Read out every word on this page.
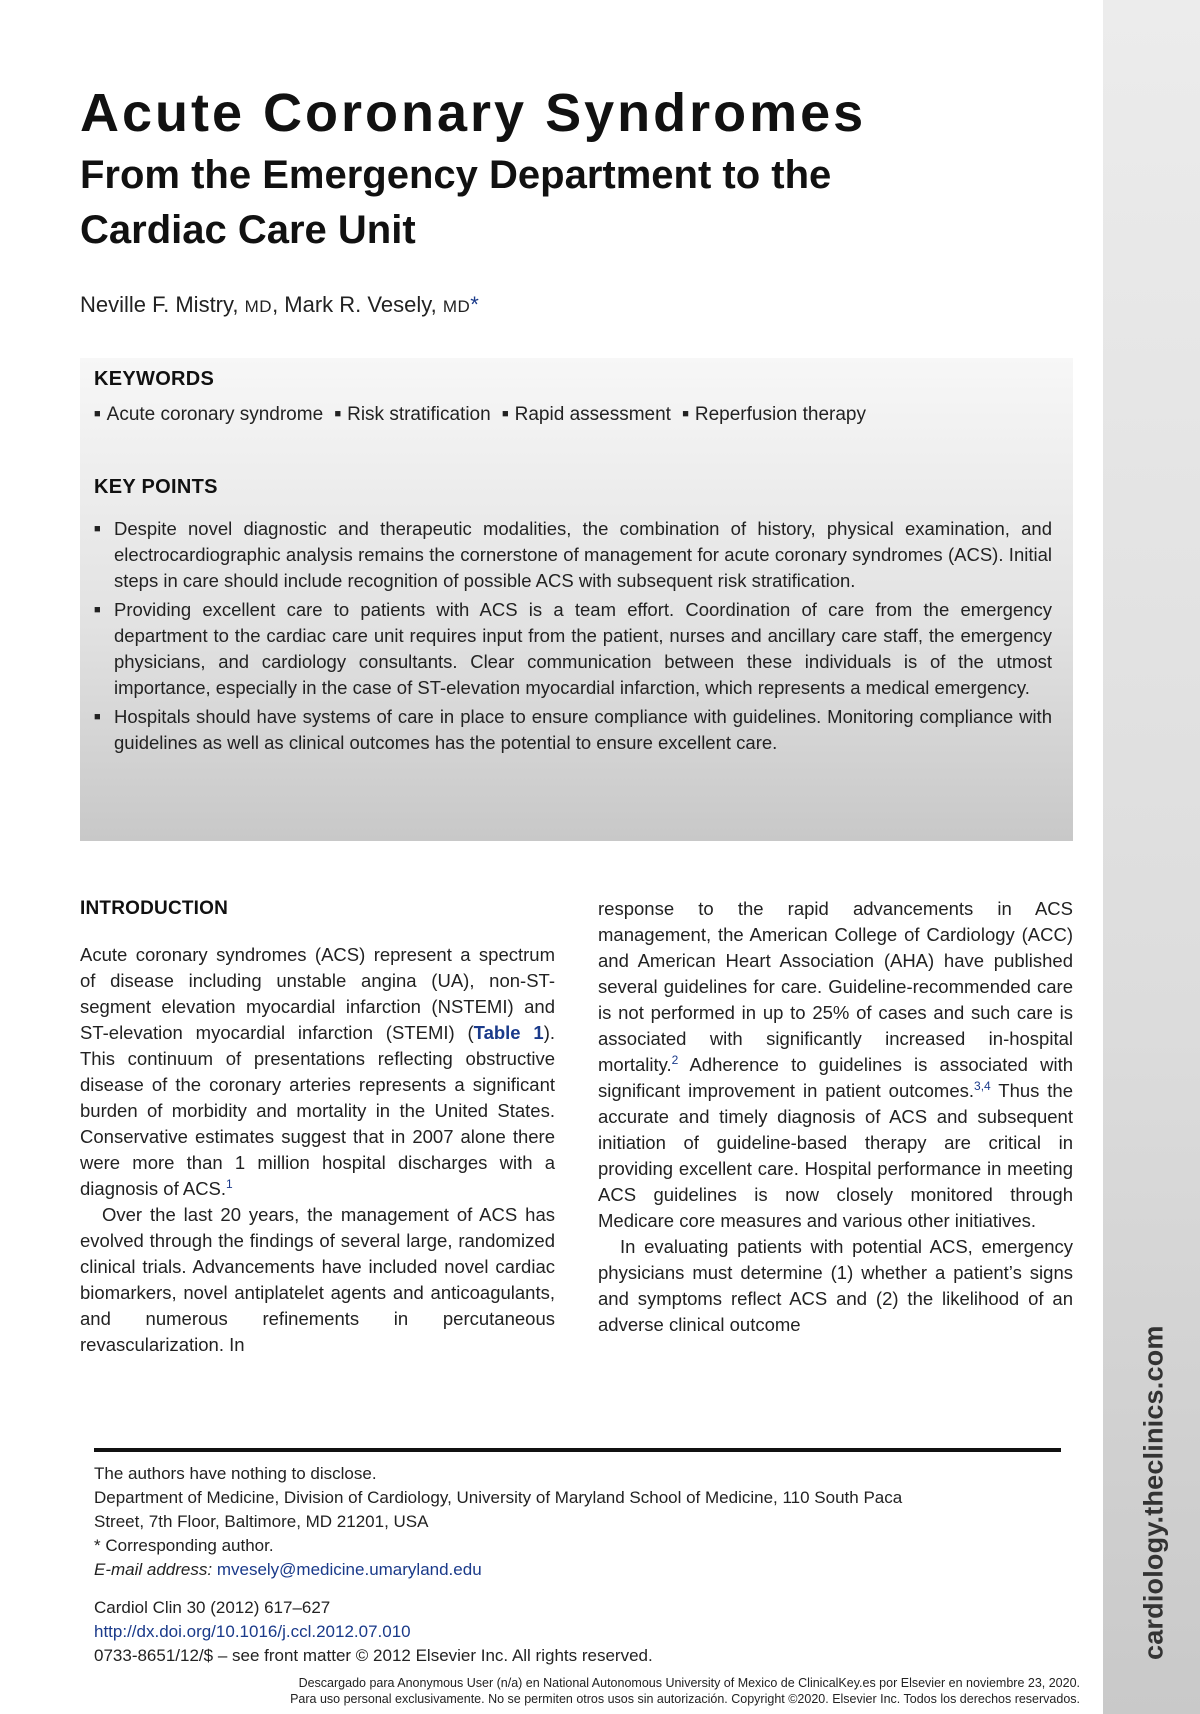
cardiology.theclinics.com
Acute Coronary Syndromes
From the Emergency Department to the Cardiac Care Unit
Neville F. Mistry, MD, Mark R. Vesely, MD*
KEYWORDS
■ Acute coronary syndrome ■ Risk stratification ■ Rapid assessment ■ Reperfusion therapy
KEY POINTS
■ Despite novel diagnostic and therapeutic modalities, the combination of history, physical examination, and electrocardiographic analysis remains the cornerstone of management for acute coronary syndromes (ACS). Initial steps in care should include recognition of possible ACS with subsequent risk stratification.
■ Providing excellent care to patients with ACS is a team effort. Coordination of care from the emergency department to the cardiac care unit requires input from the patient, nurses and ancillary care staff, the emergency physicians, and cardiology consultants. Clear communication between these individuals is of the utmost importance, especially in the case of ST-elevation myocardial infarction, which represents a medical emergency.
■ Hospitals should have systems of care in place to ensure compliance with guidelines. Monitoring compliance with guidelines as well as clinical outcomes has the potential to ensure excellent care.
INTRODUCTION

Acute coronary syndromes (ACS) represent a spectrum of disease including unstable angina (UA), non-ST-segment elevation myocardial infarction (NSTEMI) and ST-elevation myocardial infarction (STEMI) (Table 1). This continuum of presentations reflecting obstructive disease of the coronary arteries represents a significant burden of morbidity and mortality in the United States. Conservative estimates suggest that in 2007 alone there were more than 1 million hospital discharges with a diagnosis of ACS.$^1$

Over the last 20 years, the management of ACS has evolved through the findings of several large, randomized clinical trials. Advancements have included novel cardiac biomarkers, novel antiplatelet agents and anticoagulants, and numerous refinements in percutaneous revascularization. In

response to the rapid advancements in ACS management, the American College of Cardiology (ACC) and American Heart Association (AHA) have published several guidelines for care. Guideline-recommended care is not performed in up to 25% of cases and such care is associated with significantly increased in-hospital mortality.$^2$ Adherence to guidelines is associated with significant improvement in patient outcomes.$^{3,4}$ Thus the accurate and timely diagnosis of ACS and subsequent initiation of guideline-based therapy are critical in providing excellent care. Hospital performance in meeting ACS guidelines is now closely monitored through Medicare core measures and various other initiatives.

In evaluating patients with potential ACS, emergency physicians must determine (1) whether a patient’s signs and symptoms reflect ACS and (2) the likelihood of an adverse clinical outcome

The authors have nothing to disclose.
Department of Medicine, Division of Cardiology, University of Maryland School of Medicine, 110 South Paca
Street, 7th Floor, Baltimore, MD 21201, USA
* Corresponding author.
E-mail address: mvesely@medicine.umaryland.edu
Cardiol Clin 30 (2012) 617–627
http://dx.doi.org/10.1016/j.ccl.2012.07.010
0733-8651/12/$ – see front matter © 2012 Elsevier Inc. All rights reserved.
Descargado para Anonymous User (n/a) en National Autonomous University of Mexico de ClinicalKey.es por Elsevier en noviembre 23, 2020.
Para uso personal exclusivamente. No se permiten otros usos sin autorización. Copyright ©2020. Elsevier Inc. Todos los derechos reservados.
